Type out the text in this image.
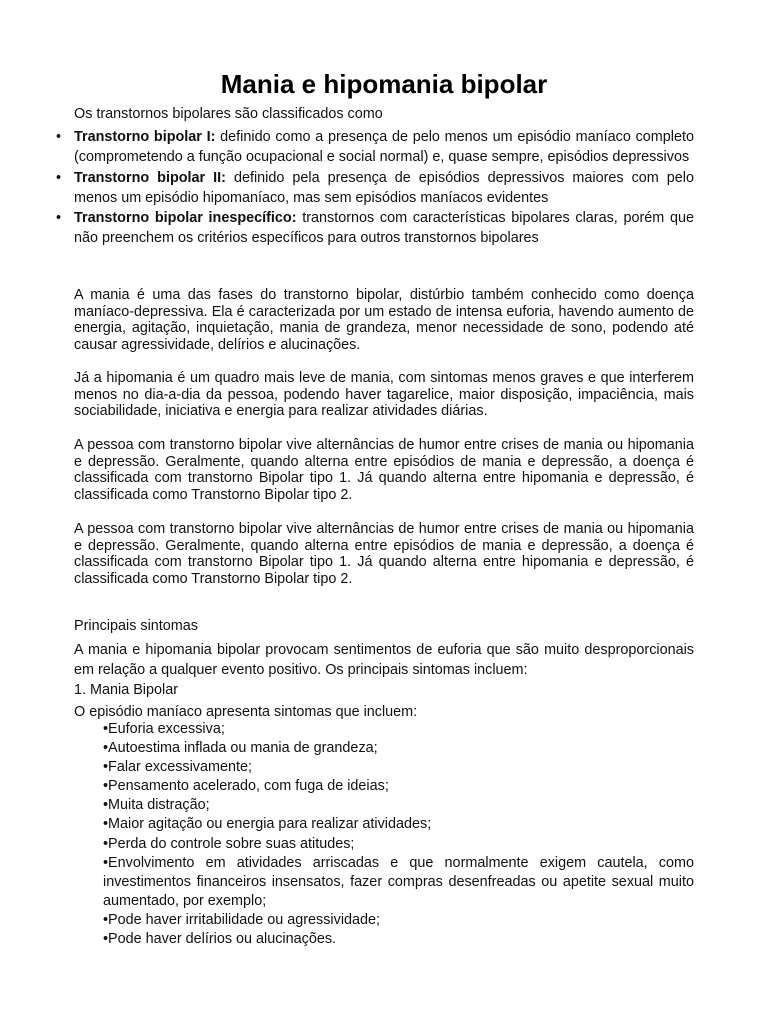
Mania e hipomania bipolar

Os transtornos bipolares são classificados como

• Transtorno bipolar I: definido como a presença de pelo menos um episódio maníaco completo (comprometendo a função ocupacional e social normal) e, quase sempre, episódios depressivos
• Transtorno bipolar II: definido pela presença de episódios depressivos maiores com pelo menos um episódio hipomaníaco, mas sem episódios maníacos evidentes
• Transtorno bipolar inespecífico: transtornos com características bipolares claras, porém que não preenchem os critérios específicos para outros transtornos bipolares

A mania é uma das fases do transtorno bipolar, distúrbio também conhecido como doença maníaco-depressiva. Ela é caracterizada por um estado de intensa euforia, havendo aumento de energia, agitação, inquietação, mania de grandeza, menor necessidade de sono, podendo até causar agressividade, delírios e alucinações.

Já a hipomania é um quadro mais leve de mania, com sintomas menos graves e que interferem menos no dia-a-dia da pessoa, podendo haver tagarelice, maior disposição, impaciência, mais sociabilidade, iniciativa e energia para realizar atividades diárias.

A pessoa com transtorno bipolar vive alternâncias de humor entre crises de mania ou hipomania e depressão. Geralmente, quando alterna entre episódios de mania e depressão, a doença é classificada com transtorno Bipolar tipo 1. Já quando alterna entre hipomania e depressão, é classificada como Transtorno Bipolar tipo 2.

A pessoa com transtorno bipolar vive alternâncias de humor entre crises de mania ou hipomania e depressão. Geralmente, quando alterna entre episódios de mania e depressão, a doença é classificada com transtorno Bipolar tipo 1. Já quando alterna entre hipomania e depressão, é classificada como Transtorno Bipolar tipo 2.

Principais sintomas

A mania e hipomania bipolar provocam sentimentos de euforia que são muito desproporcionais em relação a qualquer evento positivo. Os principais sintomas incluem:

1. Mania Bipolar

O episódio maníaco apresenta sintomas que incluem:

•Euforia excessiva;
•Autoestima inflada ou mania de grandeza;
•Falar excessivamente;
•Pensamento acelerado, com fuga de ideias;
•Muita distração;
•Maior agitação ou energia para realizar atividades;
•Perda do controle sobre suas atitudes;
•Envolvimento em atividades arriscadas e que normalmente exigem cautela, como investimentos financeiros insensatos, fazer compras desenfreadas ou apetite sexual muito aumentado, por exemplo;
•Pode haver irritabilidade ou agressividade;
•Pode haver delírios ou alucinações.
